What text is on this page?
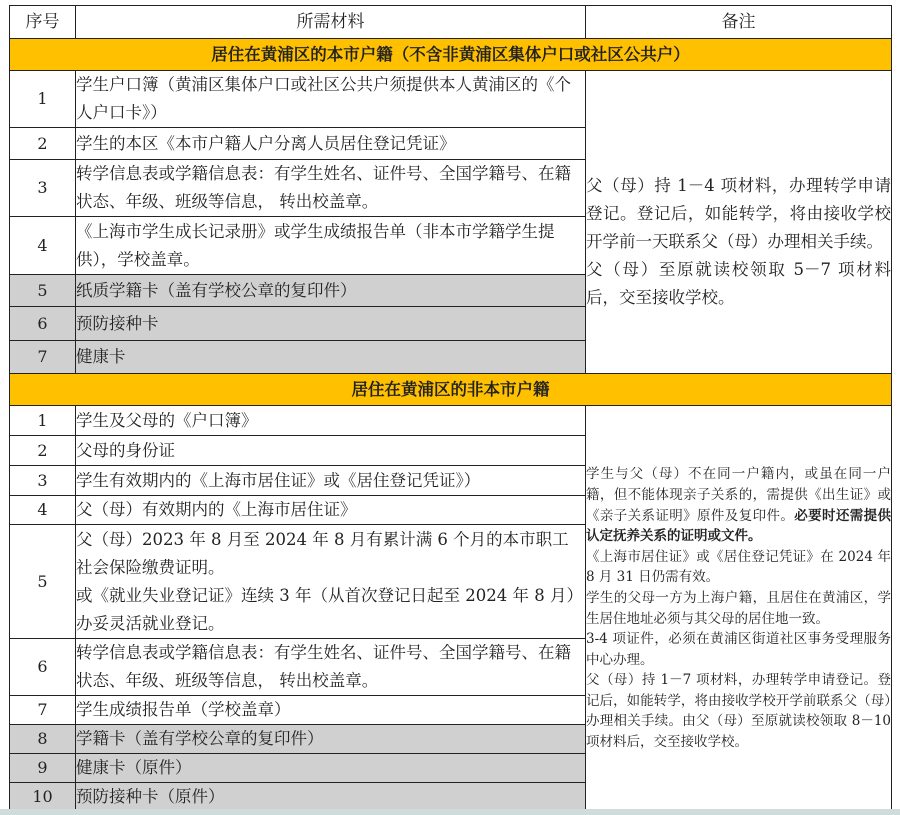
序号	所需材料	备注
居住在黄浦区的本市户籍（不含非黄浦区集体户口或社区公共户）		
1	学生户口簿（黄浦区集体户口或社区公共户须提供本人黄浦区的《个人户口卡》）	父（母）持 1－4 项材料，办理转学申请登记。登记后，如能转学，将由接收学校开学前一天联系父（母）办理相关手续。
父（母）至原就读校领取 5－7 项材料后，交至接收学校。

2	学生的本区《本市户籍人户分离人员居住登记凭证》	
3	转学信息表或学籍信息表：有学生姓名、证件号、全国学籍号、在籍状态、年级、班级等信息， 转出校盖章。	
4	《上海市学生成长记录册》或学生成绩报告单（非本市学籍学生提供），学校盖章。	
5	纸质学籍卡（盖有学校公章的复印件）	
6	预防接种卡	
7	健康卡	
居住在黄浦区的非本市户籍		
1	学生及父母的《户口簿》	学生与父（母）不在同一户籍内，或虽在同一户籍，但不能体现亲子关系的，需提供《出生证》或《亲子关系证明》原件及复印件。必要时还需提供认定抚养关系的证明或文件。
《上海市居住证》或《居住登记凭证》在 2024 年 8 月 31 日仍需有效。
学生的父母一方为上海户籍，且居住在黄浦区，学生居住地址必须与其父母的居住地一致。
3-4 项证件，必须在黄浦区街道社区事务受理服务中心办理。
父（母）持 1－7 项材料，办理转学申请登记。登记后，如能转学，将由接收学校开学前联系父（母）办理相关手续。由父（母）至原就读校领取 8－10 项材料后，交至接收学校。

2	父母的身份证	
3	学生有效期内的《上海市居住证》或《居住登记凭证》）	
4	父（母）有效期内的《上海市居住证》	
5	父（母）2023 年 8 月至 2024 年 8 月有累计满 6 个月的本市职工社会保险缴费证明。
或《就业失业登记证》连续 3 年（从首次登记日起至 2024 年 8 月）办妥灵活就业登记。	

6	转学信息表或学籍信息表：有学生姓名、证件号、全国学籍号、在籍状态、年级、班级等信息， 转出校盖章。	
7	学生成绩报告单（学校盖章）	
8	学籍卡（盖有学校公章的复印件）	
9	健康卡（原件）	
10	预防接种卡（原件）	
